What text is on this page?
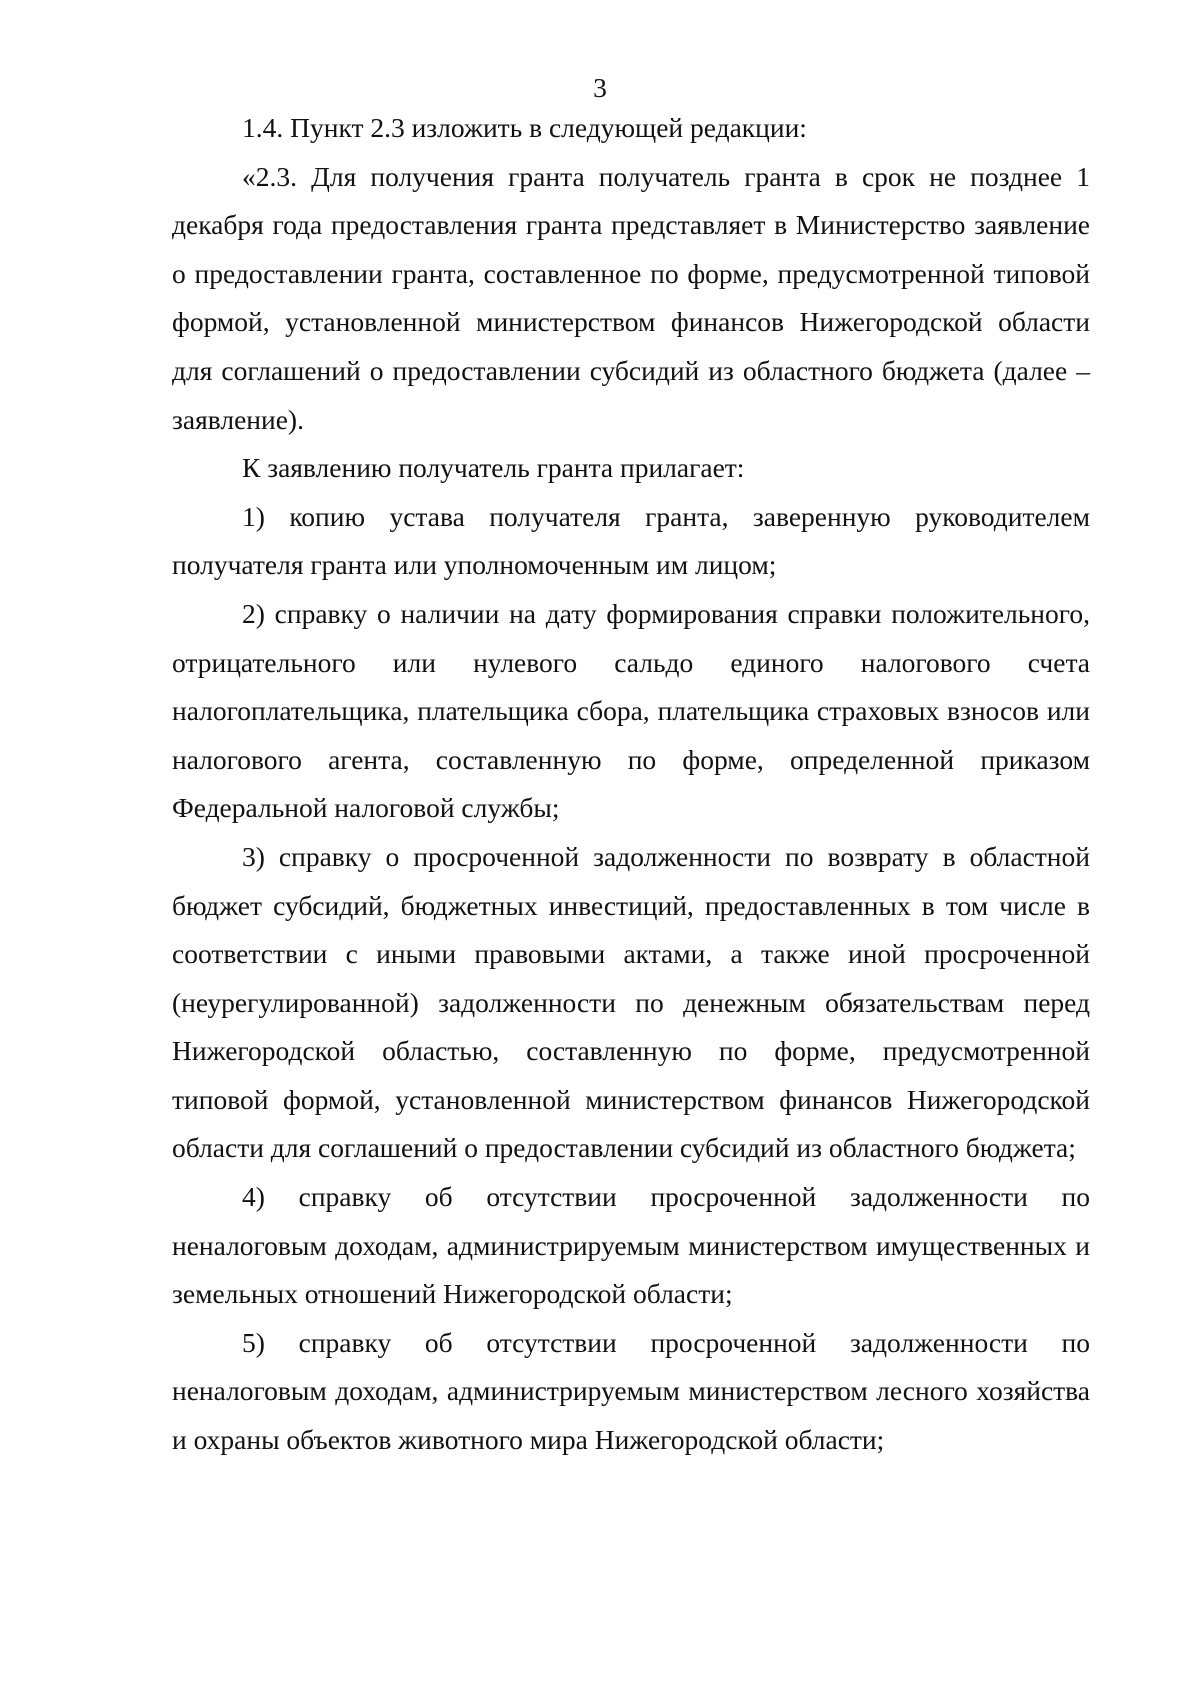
3

1.4. Пункт 2.3 изложить в следующей редакции:

«2.3. Для получения гранта получатель гранта в срок не позднее 1 декабря года предоставления гранта представляет в Министерство заявление о предоставлении гранта, составленное по форме, предусмотренной типовой формой, установленной министерством финансов Нижегородской области для соглашений о предоставлении субсидий из областного бюджета (далее – заявление).

К заявлению получатель гранта прилагает:

1) копию устава получателя гранта, заверенную руководителем получателя гранта или уполномоченным им лицом;

2) справку о наличии на дату формирования справки положительного, отрицательного или нулевого сальдо единого налогового счета налогоплательщика, плательщика сбора, плательщика страховых взносов или налогового агента, составленную по форме, определенной приказом Федеральной налоговой службы;

3) справку о просроченной задолженности по возврату в областной бюджет субсидий, бюджетных инвестиций, предоставленных в том числе в соответствии с иными правовыми актами, а также иной просроченной (неурегулированной) задолженности по денежным обязательствам перед Нижегородской областью, составленную по форме, предусмотренной типовой формой, установленной министерством финансов Нижегородской области для соглашений о предоставлении субсидий из областного бюджета;

4) справку об отсутствии просроченной задолженности по неналоговым доходам, администрируемым министерством имущественных и земельных отношений Нижегородской области;

5) справку об отсутствии просроченной задолженности по неналоговым доходам, администрируемым министерством лесного хозяйства и охраны объектов животного мира Нижегородской области;
